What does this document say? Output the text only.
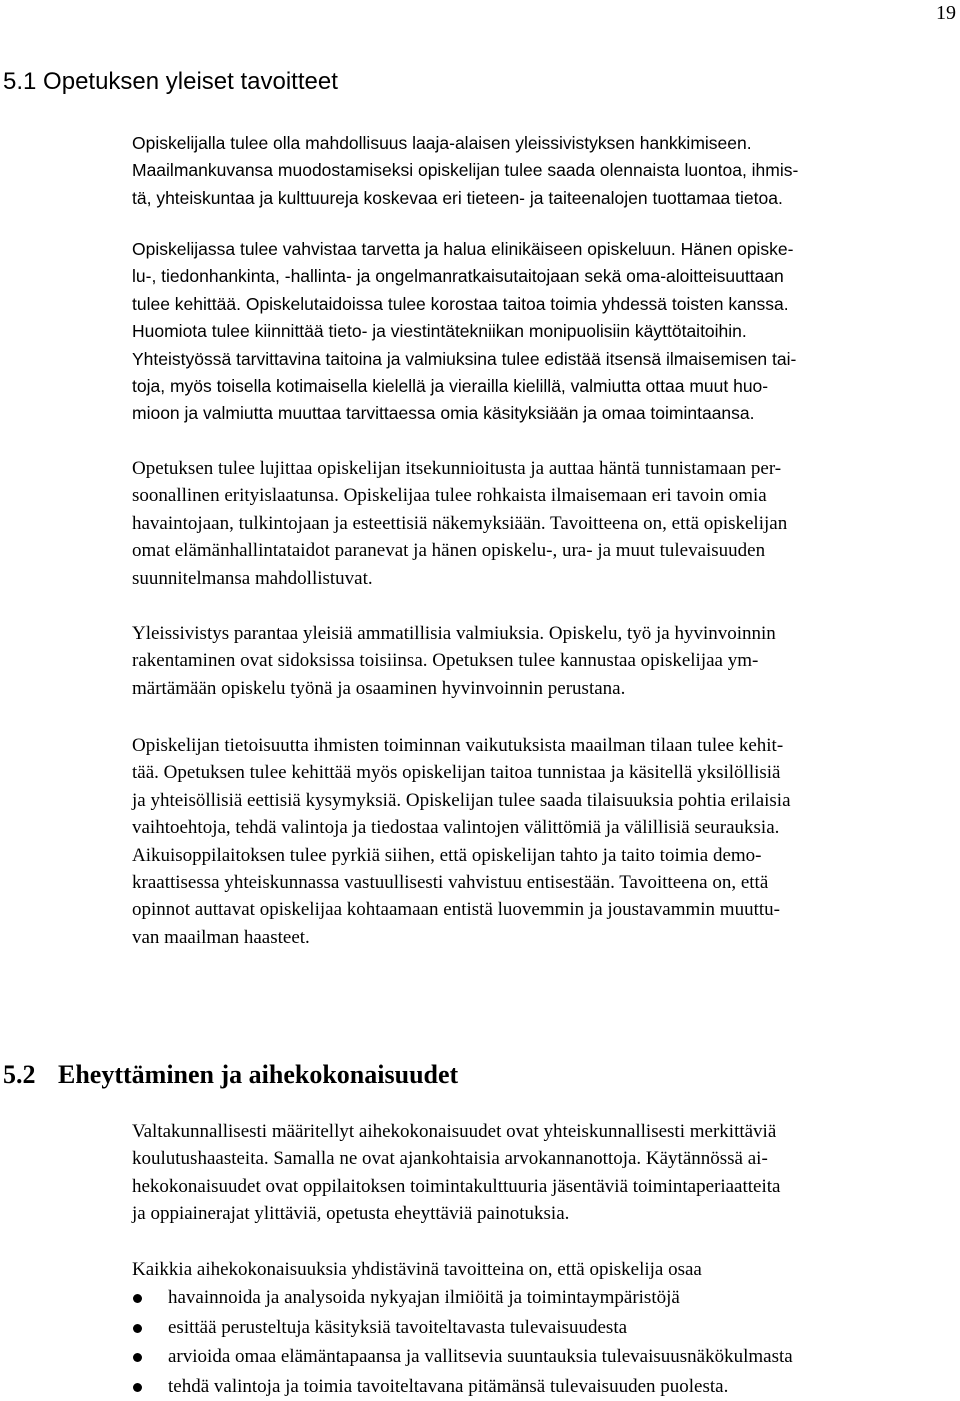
19
5.1 Opetuksen yleiset tavoitteet
Opiskelijalla tulee olla mahdollisuus laaja-alaisen yleissivistyksen hankkimiseen.
Maailmankuvansa muodostamiseksi opiskelijan tulee saada olennaista luontoa, ihmis-
tä, yhteiskuntaa ja kulttuureja koskevaa eri tieteen- ja taiteenalojen tuottamaa tietoa.
Opiskelijassa tulee vahvistaa tarvetta ja halua elinikäiseen opiskeluun. Hänen opiske-
lu-, tiedonhankinta, -hallinta- ja ongelmanratkaisutaitojaan sekä oma-aloitteisuuttaan
tulee kehittää. Opiskelutaidoissa tulee korostaa taitoa toimia yhdessä toisten kanssa.
Huomiota tulee kiinnittää tieto- ja viestintätekniikan monipuolisiin käyttötaitoihin.
Yhteistyössä tarvittavina taitoina ja valmiuksina tulee edistää itsensä ilmaisemisen tai-
toja, myös toisella kotimaisella kielellä ja vierailla kielillä, valmiutta ottaa muut huo-
mioon ja valmiutta muuttaa tarvittaessa omia käsityksiään ja omaa toimintaansa.
Opetuksen tulee lujittaa opiskelijan itsekunnioitusta ja auttaa häntä tunnistamaan per-
soonallinen erityislaatunsa. Opiskelijaa tulee rohkaista ilmaisemaan eri tavoin omia
havaintojaan, tulkintojaan ja esteettisiä näkemyksiään. Tavoitteena on, että opiskelijan
omat elämänhallintataidot paranevat ja hänen opiskelu-, ura- ja muut tulevaisuuden
suunnitelmansa mahdollistuvat.
Yleissivistys parantaa yleisiä ammatillisia valmiuksia. Opiskelu, työ ja hyvinvoinnin
rakentaminen ovat sidoksissa toisiinsa. Opetuksen tulee kannustaa opiskelijaa ym-
märtämään opiskelu työnä ja osaaminen hyvinvoinnin perustana.
Opiskelijan tietoisuutta ihmisten toiminnan vaikutuksista maailman tilaan tulee kehit-
tää. Opetuksen tulee kehittää myös opiskelijan taitoa tunnistaa ja käsitellä yksilöllisiä
ja yhteisöllisiä eettisiä kysymyksiä. Opiskelijan tulee saada tilaisuuksia pohtia erilaisia
vaihtoehtoja, tehdä valintoja ja tiedostaa valintojen välittömiä ja välillisiä seurauksia.
Aikuisoppilaitoksen tulee pyrkiä siihen, että opiskelijan tahto ja taito toimia demo-
kraattisessa yhteiskunnassa vastuullisesti vahvistuu entisestään. Tavoitteena on, että
opinnot auttavat opiskelijaa kohtaamaan entistä luovemmin ja joustavammin muuttu-
van maailman haasteet.
5.2 Eheyttäminen ja aihekokonaisuudet
Valtakunnallisesti määritellyt aihekokonaisuudet ovat yhteiskunnallisesti merkittäviä
koulutushaasteita. Samalla ne ovat ajankohtaisia arvokannanottoja. Käytännössä ai-
hekokonaisuudet ovat oppilaitoksen toimintakulttuuria jäsentäviä toimintaperiaatteita
ja oppiainerajat ylittäviä, opetusta eheyttäviä painotuksia.
Kaikkia aihekokonaisuuksia yhdistävinä tavoitteina on, että opiskelija osaa
havainnoida ja analysoida nykyajan ilmiöitä ja toimintaympäristöjä
esittää perusteltuja käsityksiä tavoiteltavasta tulevaisuudesta
arvioida omaa elämäntapaansa ja vallitsevia suuntauksia tulevaisuusnäkökulmasta
tehdä valintoja ja toimia tavoiteltavana pitämänsä tulevaisuuden puolesta.
